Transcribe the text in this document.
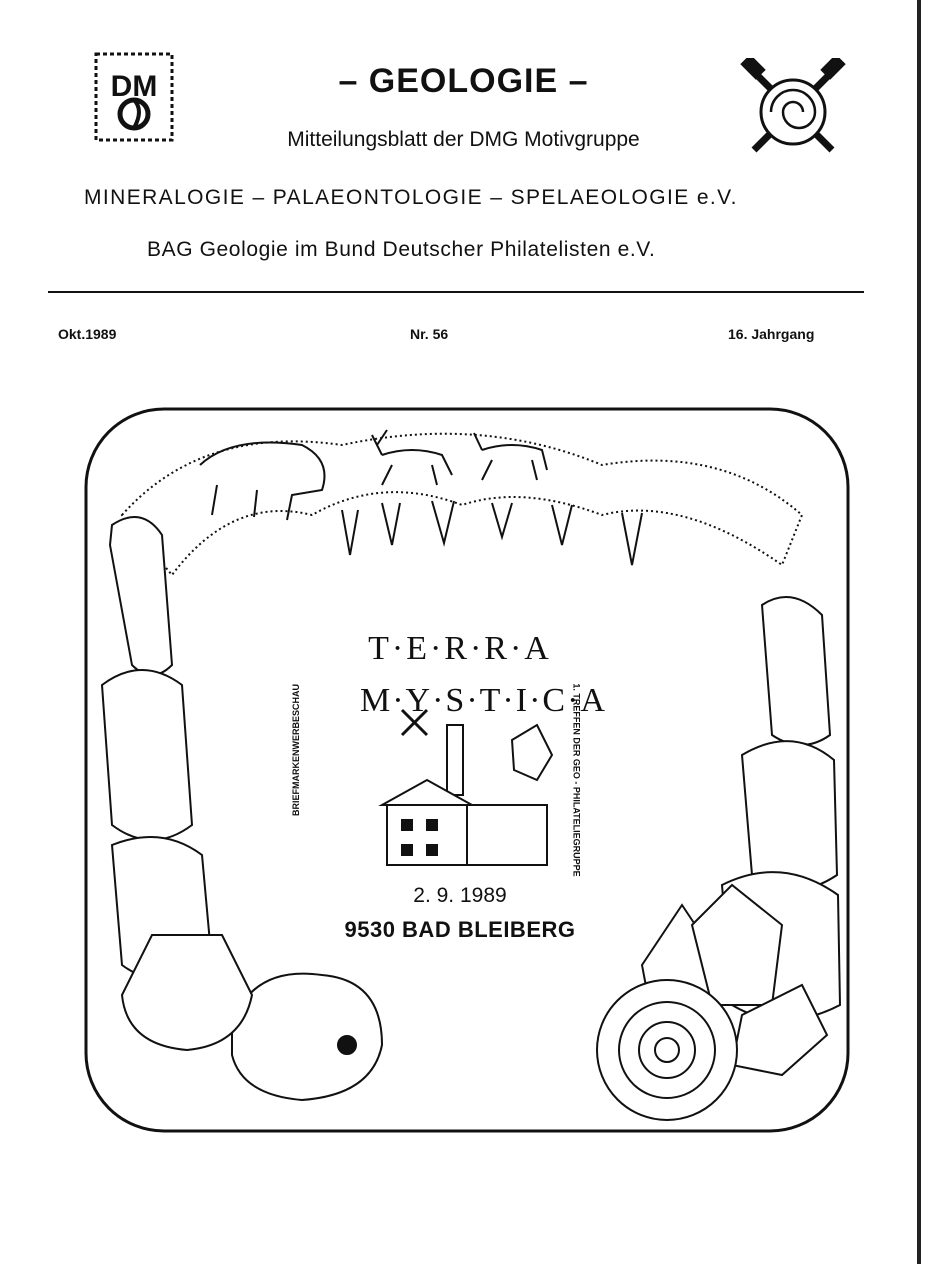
DM	– GEOLOGIE –
Mitteilungsblatt der DMG Motivgruppe
MINERALOGIE – PALAEONTOLOGIE – SPELAEOLOGIE e.V.
BAG Geologie im Bund Deutscher Philatelisten e.V.
Okt.1989	Nr. 56	16. Jahrgang
T·E·R·R·A
M·Y·S·T·I·C·A
BRIEFMARKENWERBESCHAU	1. TREFFEN DER GEO - PHILATELIEGRUPPE
2. 9. 1989
9530 BAD BLEIBERG
